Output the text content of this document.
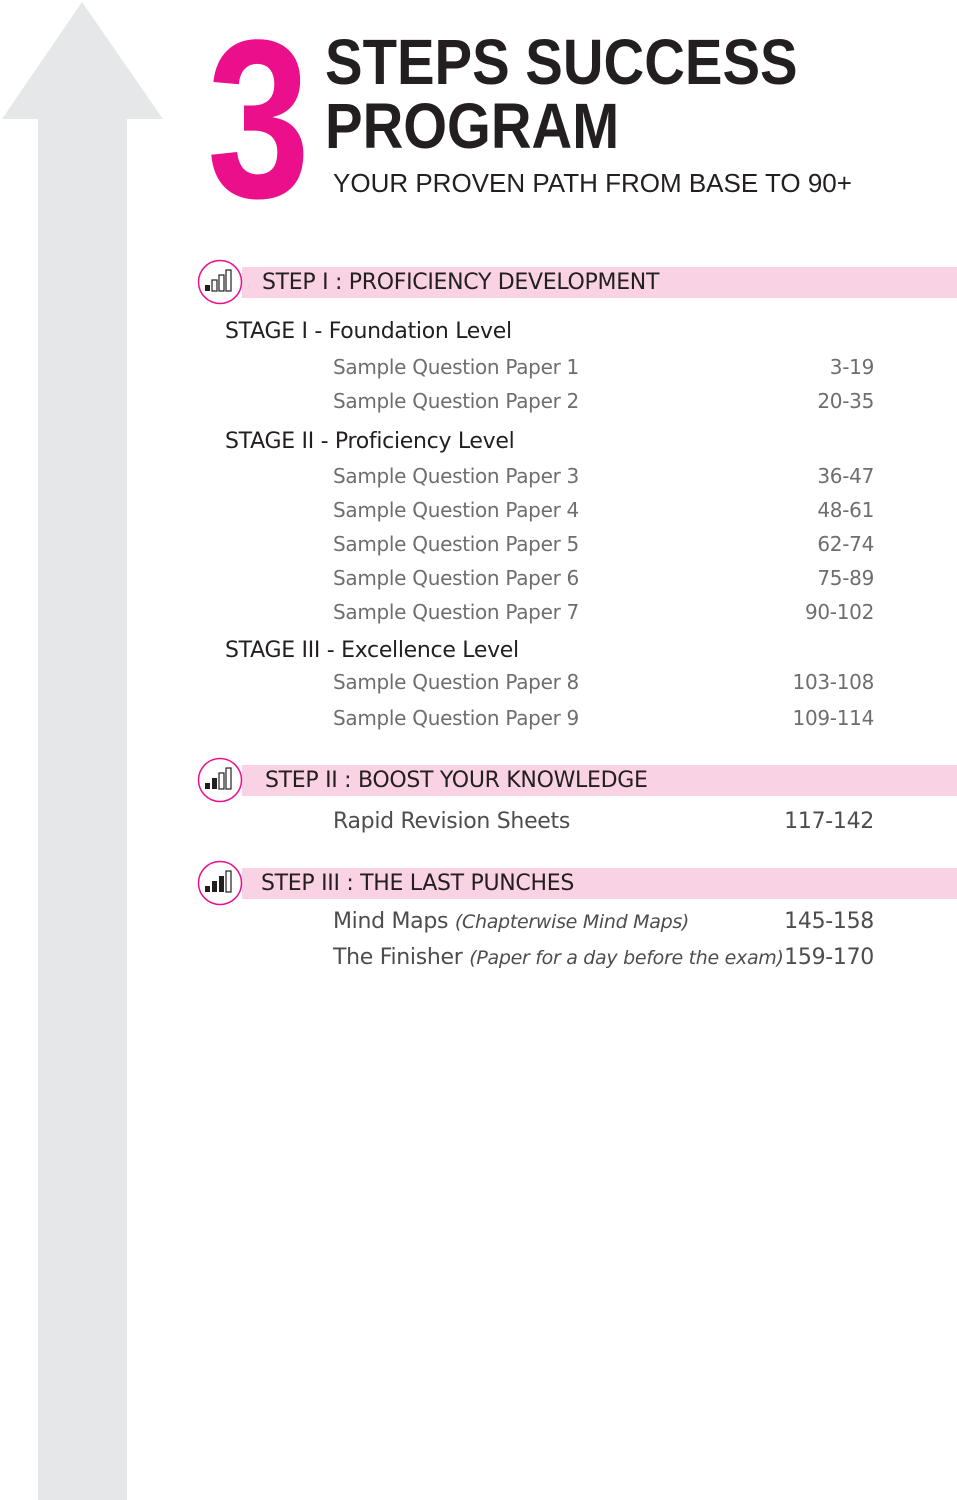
3 STEPS SUCCESS
PROGRAM
YOUR PROVEN PATH FROM BASE TO 90+
STEP I : PROFICIENCY DEVELOPMENT
STAGE I - Foundation Level
Sample Question Paper 1	3-19
Sample Question Paper 2	20-35
STAGE II - Proficiency Level
Sample Question Paper 3	36-47
Sample Question Paper 4	48-61
Sample Question Paper 5	62-74
Sample Question Paper 6	75-89
Sample Question Paper 7	90-102
STAGE III - Excellence Level
Sample Question Paper 8	103-108
Sample Question Paper 9	109-114
STEP II : BOOST YOUR KNOWLEDGE
Rapid Revision Sheets	117-142
STEP III : THE LAST PUNCHES
Mind Maps (Chapterwise Mind Maps)	145-158
The Finisher (Paper for a day before the exam) 159-170
